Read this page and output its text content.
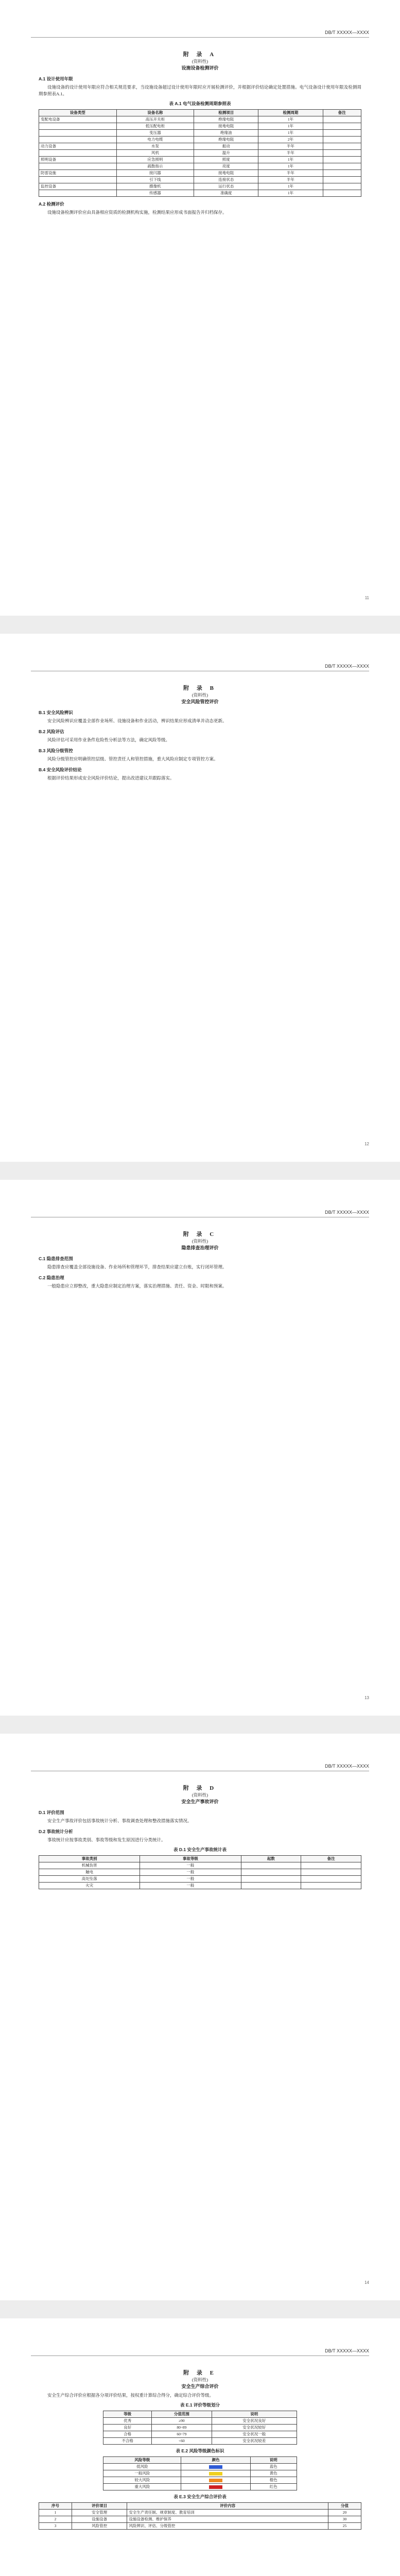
DB/T XXXXX—XXXX
附 录 A
(资料性)
设施设备检测评价
A.1 设计使用年限

设施设备的设计使用年限应符合相关规范要求，当设施设备超过设计使用年限时应开展检测评价，并根据评价结论确定处置措施。电气设备设计使用年限及检测周期参照表A.1。

表 A.1 电气设备检测周期参照表
设备类型	设备名称	检测项目	检测周期	备注
变配电设备	高压开关柜	绝缘电阻	1年	
	低压配电柜	接地电阻	1年	
	变压器	绝缘油	1年	
	电力电缆	绝缘电阻	2年	
动力设备	水泵	振动	半年	
	风机	温升	半年	
照明设备	应急照明	照度	1年	
	疏散指示	亮度	1年	
防雷设施	接闪器	接地电阻	半年	
	引下线	连接状态	半年	
监控设备	摄像机	运行状态	1年	
	传感器	准确度	1年	
A.2 检测评价

设施设备检测评价应由具备相应资质的检测机构实施，检测结果应形成书面报告并归档保存。

11
DB/T XXXXX—XXXX
附 录 B
(资料性)
安全风险管控评价
B.1 安全风险辨识

安全风险辨识应覆盖全部作业场所、设施设备和作业活动，辨识结果应形成清单并动态更新。

B.2 风险评估

风险评估可采用作业条件危险性分析法等方法，确定风险等级。

B.3 风险分级管控

风险分级管控应明确管控层级、管控责任人和管控措施，重大风险应制定专项管控方案。

B.4 安全风险评价结论

根据评价结果形成安全风险评价结论，提出改进建议并跟踪落实。

12
DB/T XXXXX—XXXX
附 录 C
(资料性)
隐患排查治理评价
C.1 隐患排查范围

隐患排查应覆盖全部设施设备、作业场所和管理环节，排查结果应建立台账，实行闭环管理。

C.2 隐患治理

一般隐患应立即整改，重大隐患应制定治理方案，落实治理措施、责任、资金、时限和预案。

13
DB/T XXXXX—XXXX
附 录 D
(资料性)
安全生产事故评价
D.1 评价范围

安全生产事故评价包括事故统计分析、事故调查处理和整改措施落实情况。

D.2 事故统计分析

事故统计应按事故类别、事故等级和发生原因进行分类统计。

表 D.1 安全生产事故统计表
事故类别	事故等级	起数	备注
机械伤害	一般		
触电	一般		
高处坠落	一般		
火灾	一般		
14
DB/T XXXXX—XXXX
附 录 E
(资料性)
安全生产综合评价

安全生产综合评价应根据各分项评价结果，按权重计算综合得分，确定综合评价等级。

表 E.1 评价等级划分
等级	分值范围	说明
优秀	≥90	安全状况良好
良好	80~89	安全状况较好
合格	60~79	安全状况一般
不合格	<60	安全状况较差
表 E.2 风险等级颜色标识
风险等级	颜色	说明
低风险		蓝色
一般风险		黄色
较大风险		橙色
重大风险		红色
表 E.3 安全生产综合评价表
序号	评价项目	评价内容	分值
1	安全管理	安全生产责任制、规章制度、教育培训	20
2	设施设备	设施设备检测、维护保养	30
3	风险管控	风险辨识、评估、分级管控	25
